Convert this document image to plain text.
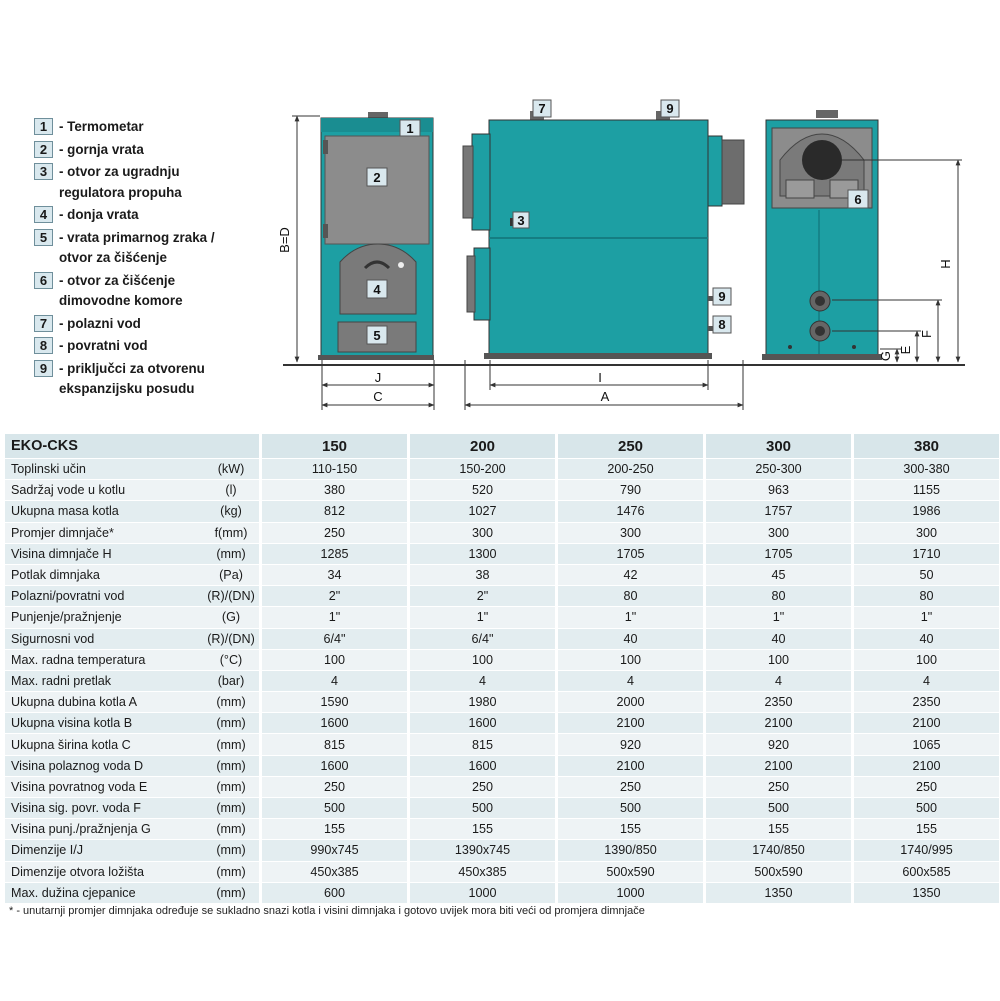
1 - Termometar
2 - gornja vrata
3 - otvor za ugradnju
regulatora propuha
4 - donja vrata
5 - vrata primarnog zraka /
otvor za čišćenje
6 - otvor za čišćenje
dimovodne komore
7 - polazni vod
8 - povratni vod
9 - priključci za otvorenu
ekspanzijsku posudu
1
2
3
4
5
6
7
8
9
9
B=D
J
C
I
A
H
F
E
G
EKO-CKS		150	200	250	300	380
Toplinski učin	(kW)	110-150	150-200	200-250	250-300	300-380
Sadržaj vode u kotlu	(l)	380	520	790	963	1155
Ukupna masa kotla	(kg)	812	1027	1476	1757	1986
Promjer dimnjače*	f(mm)	250	300	300	300	300
Visina dimnjače H	(mm)	1285	1300	1705	1705	1710
Potlak dimnjaka	(Pa)	34	38	42	45	50
Polazni/povratni vod	(R)/(DN)	2"	2"	80	80	80
Punjenje/pražnjenje	(G)	1"	1"	1"	1"	1"
Sigurnosni vod	(R)/(DN)	6/4"	6/4"	40	40	40
Max. radna temperatura	(°C)	100	100	100	100	100
Max. radni pretlak	(bar)	4	4	4	4	4
Ukupna dubina kotla A	(mm)	1590	1980	2000	2350	2350
Ukupna visina kotla B	(mm)	1600	1600	2100	2100	2100
Ukupna širina kotla C	(mm)	815	815	920	920	1065
Visina polaznog voda D	(mm)	1600	1600	2100	2100	2100
Visina povratnog voda E	(mm)	250	250	250	250	250
Visina sig. povr. voda F	(mm)	500	500	500	500	500
Visina punj./pražnjenja G	(mm)	155	155	155	155	155
Dimenzije I/J	(mm)	990x745	1390x745	1390/850	1740/850	1740/995
Dimenzije otvora ložišta	(mm)	450x385	450x385	500x590	500x590	600x585
Max. dužina cjepanice	(mm)	600	1000	1000	1350	1350
* - unutarnji promjer dimnjaka određuje se sukladno snazi kotla i visini dimnjaka i gotovo uvijek mora biti veći od promjera dimnjače
